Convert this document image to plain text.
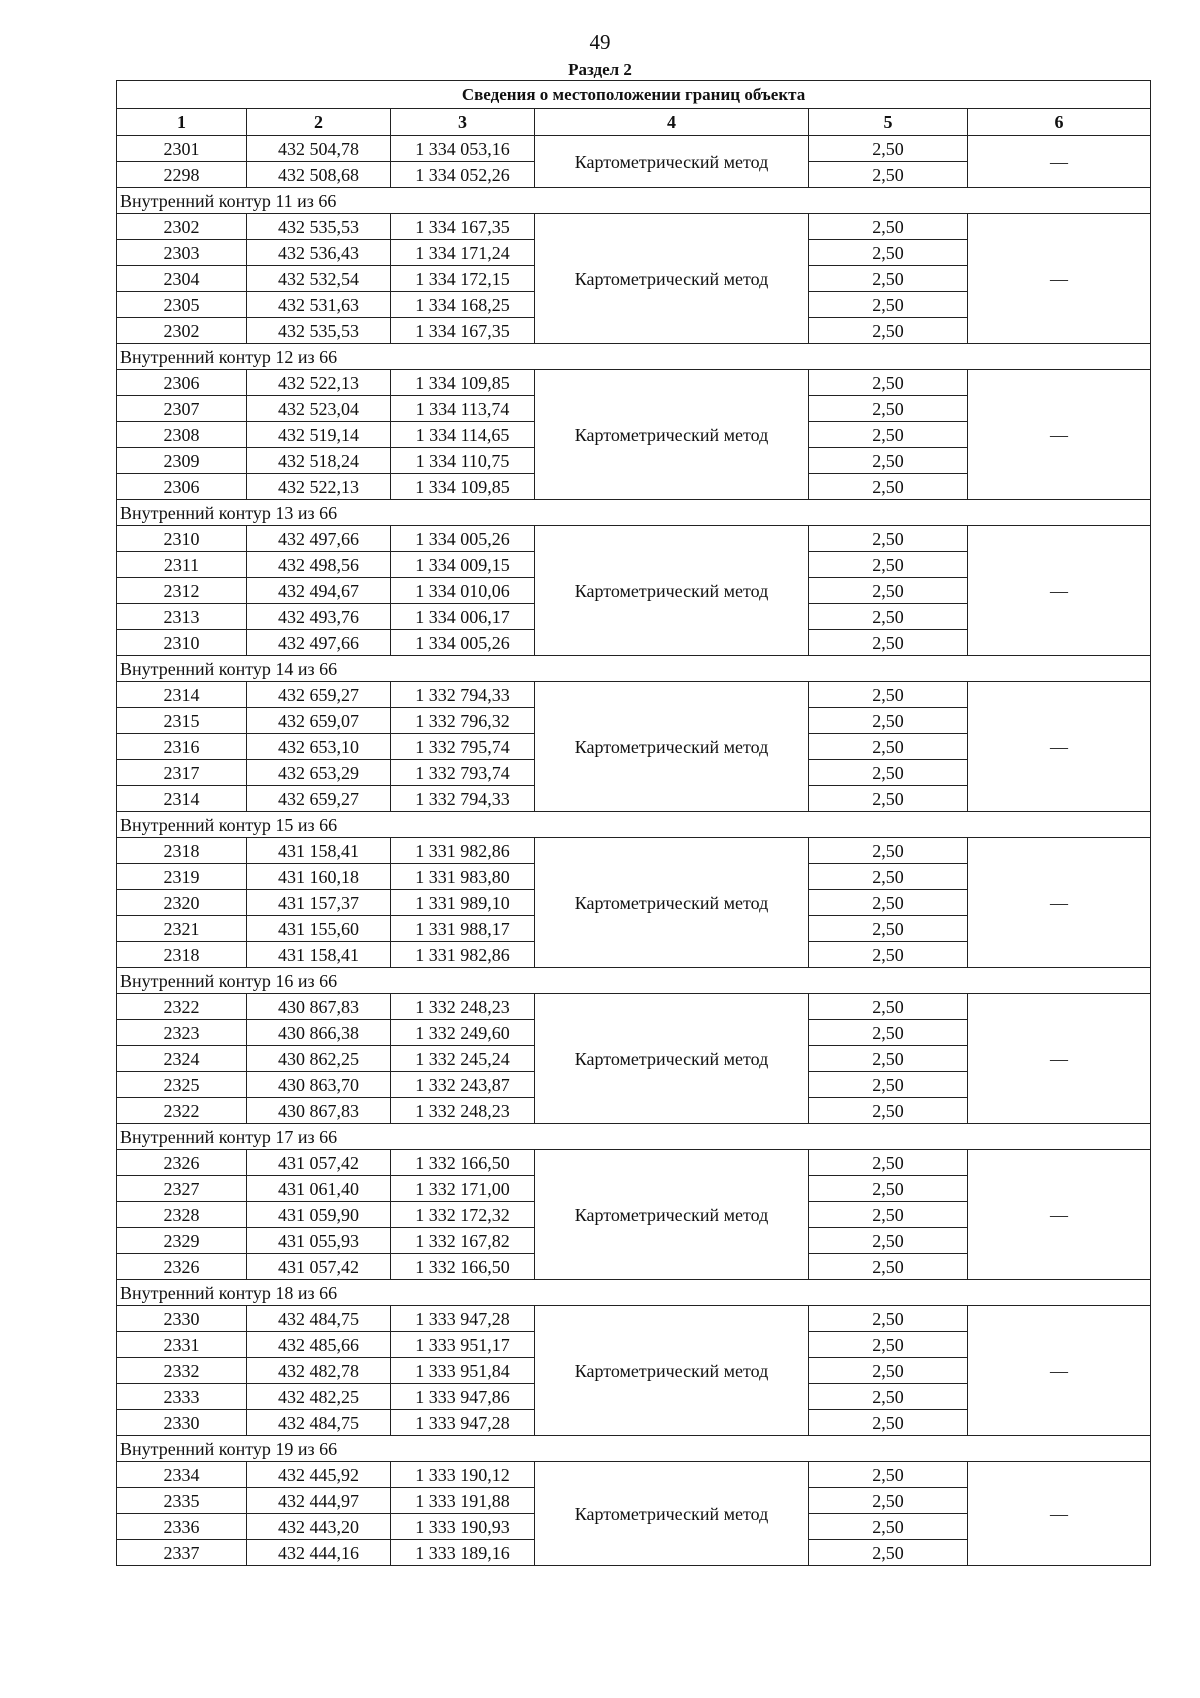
49
Раздел 2
Сведения о местоположении границ объекта					
1	2	3	4	5	6
2301	432 504,78	1 334 053,16	Картометрический метод	2,50	—
2298	432 508,68	1 334 052,26		2,50	
Внутренний контур 11 из 66					
2302	432 535,53	1 334 167,35	Картометрический метод	2,50	—
2303	432 536,43	1 334 171,24		2,50	
2304	432 532,54	1 334 172,15		2,50	
2305	432 531,63	1 334 168,25		2,50	
2302	432 535,53	1 334 167,35		2,50	
Внутренний контур 12 из 66					
2306	432 522,13	1 334 109,85	Картометрический метод	2,50	—
2307	432 523,04	1 334 113,74		2,50	
2308	432 519,14	1 334 114,65		2,50	
2309	432 518,24	1 334 110,75		2,50	
2306	432 522,13	1 334 109,85		2,50	
Внутренний контур 13 из 66					
2310	432 497,66	1 334 005,26	Картометрический метод	2,50	—
2311	432 498,56	1 334 009,15		2,50	
2312	432 494,67	1 334 010,06		2,50	
2313	432 493,76	1 334 006,17		2,50	
2310	432 497,66	1 334 005,26		2,50	
Внутренний контур 14 из 66					
2314	432 659,27	1 332 794,33	Картометрический метод	2,50	—
2315	432 659,07	1 332 796,32		2,50	
2316	432 653,10	1 332 795,74		2,50	
2317	432 653,29	1 332 793,74		2,50	
2314	432 659,27	1 332 794,33		2,50	
Внутренний контур 15 из 66					
2318	431 158,41	1 331 982,86	Картометрический метод	2,50	—
2319	431 160,18	1 331 983,80		2,50	
2320	431 157,37	1 331 989,10		2,50	
2321	431 155,60	1 331 988,17		2,50	
2318	431 158,41	1 331 982,86		2,50	
Внутренний контур 16 из 66					
2322	430 867,83	1 332 248,23	Картометрический метод	2,50	—
2323	430 866,38	1 332 249,60		2,50	
2324	430 862,25	1 332 245,24		2,50	
2325	430 863,70	1 332 243,87		2,50	
2322	430 867,83	1 332 248,23		2,50	
Внутренний контур 17 из 66					
2326	431 057,42	1 332 166,50	Картометрический метод	2,50	—
2327	431 061,40	1 332 171,00		2,50	
2328	431 059,90	1 332 172,32		2,50	
2329	431 055,93	1 332 167,82		2,50	
2326	431 057,42	1 332 166,50		2,50	
Внутренний контур 18 из 66					
2330	432 484,75	1 333 947,28	Картометрический метод	2,50	—
2331	432 485,66	1 333 951,17		2,50	
2332	432 482,78	1 333 951,84		2,50	
2333	432 482,25	1 333 947,86		2,50	
2330	432 484,75	1 333 947,28		2,50	
Внутренний контур 19 из 66					
2334	432 445,92	1 333 190,12	Картометрический метод	2,50	—
2335	432 444,97	1 333 191,88		2,50	
2336	432 443,20	1 333 190,93		2,50	
2337	432 444,16	1 333 189,16		2,50	
